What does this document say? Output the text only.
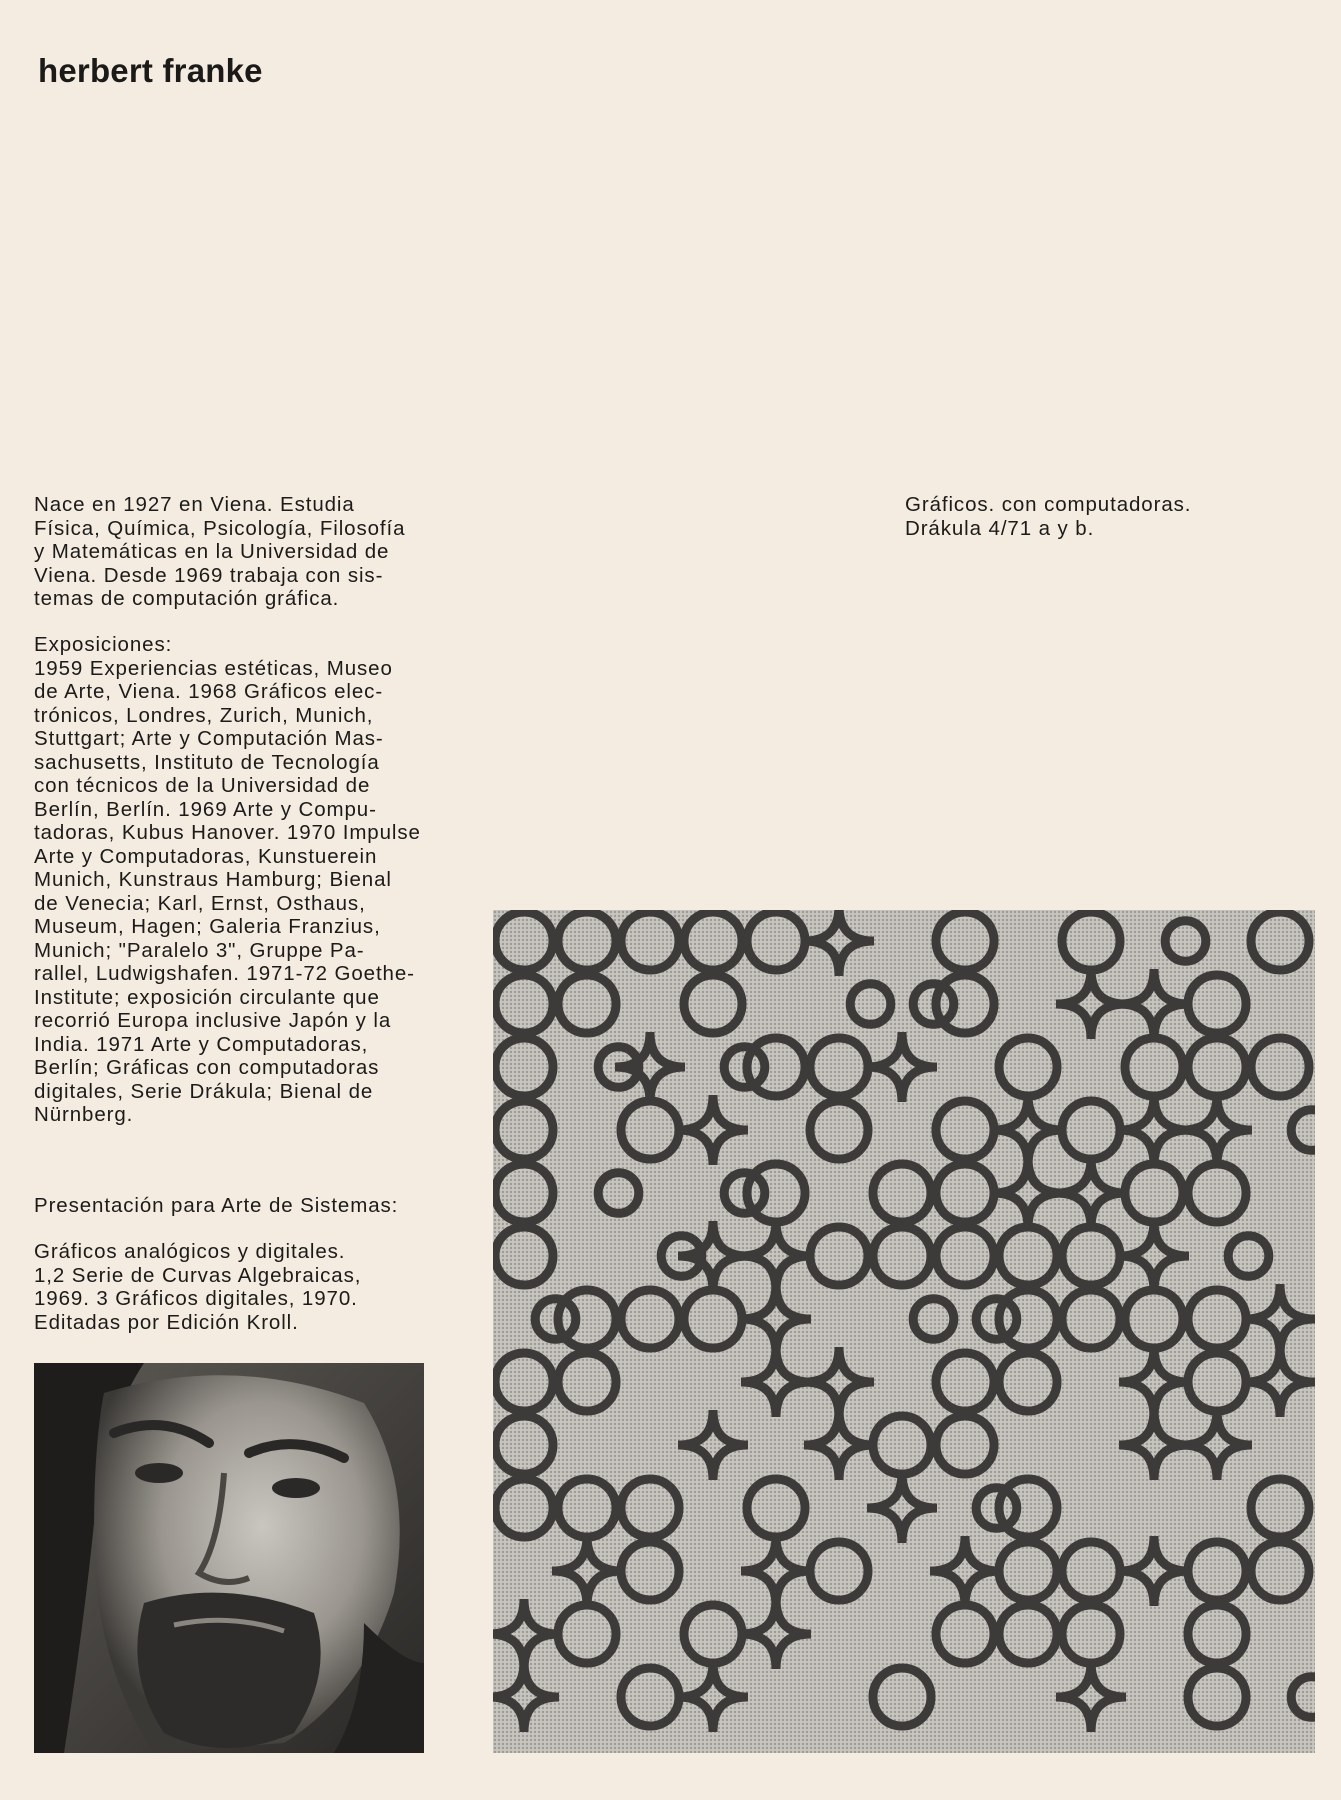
herbert franke

Nace en 1927 en Viena. Estudia

Física, Química, Psicología, Filosofía

y Matemáticas en la Universidad de

Viena. Desde 1969 trabaja con sis-

temas de computación gráfica.

Exposiciones:

1959 Experiencias estéticas, Museo

de Arte, Viena. 1968 Gráficos elec-

trónicos, Londres, Zurich, Munich,

Stuttgart; Arte y Computación Mas-

sachusetts, Instituto de Tecnología

con técnicos de la Universidad de

Berlín, Berlín. 1969 Arte y Compu-

tadoras, Kubus Hanover. 1970 Impulse

Arte y Computadoras, Kunstuerein

Munich, Kunstraus Hamburg; Bienal

de Venecia; Karl, Ernst, Osthaus,

Museum, Hagen; Galeria Franzius,

Munich; "Paralelo 3", Gruppe Pa-

rallel, Ludwigshafen. 1971-72 Goethe-

Institute; exposición circulante que

recorrió Europa inclusive Japón y la

India. 1971 Arte y Computadoras,

Berlín; Gráficas con computadoras

digitales, Serie Drákula; Bienal de

Nürnberg.

Presentación para Arte de Sistemas:

Gráficos analógicos y digitales.

1,2 Serie de Curvas Algebraicas,

1969. 3 Gráficos digitales, 1970.

Editadas por Edición Kroll.

Gráficos. con computadoras.

Drákula 4/71 a y b.
